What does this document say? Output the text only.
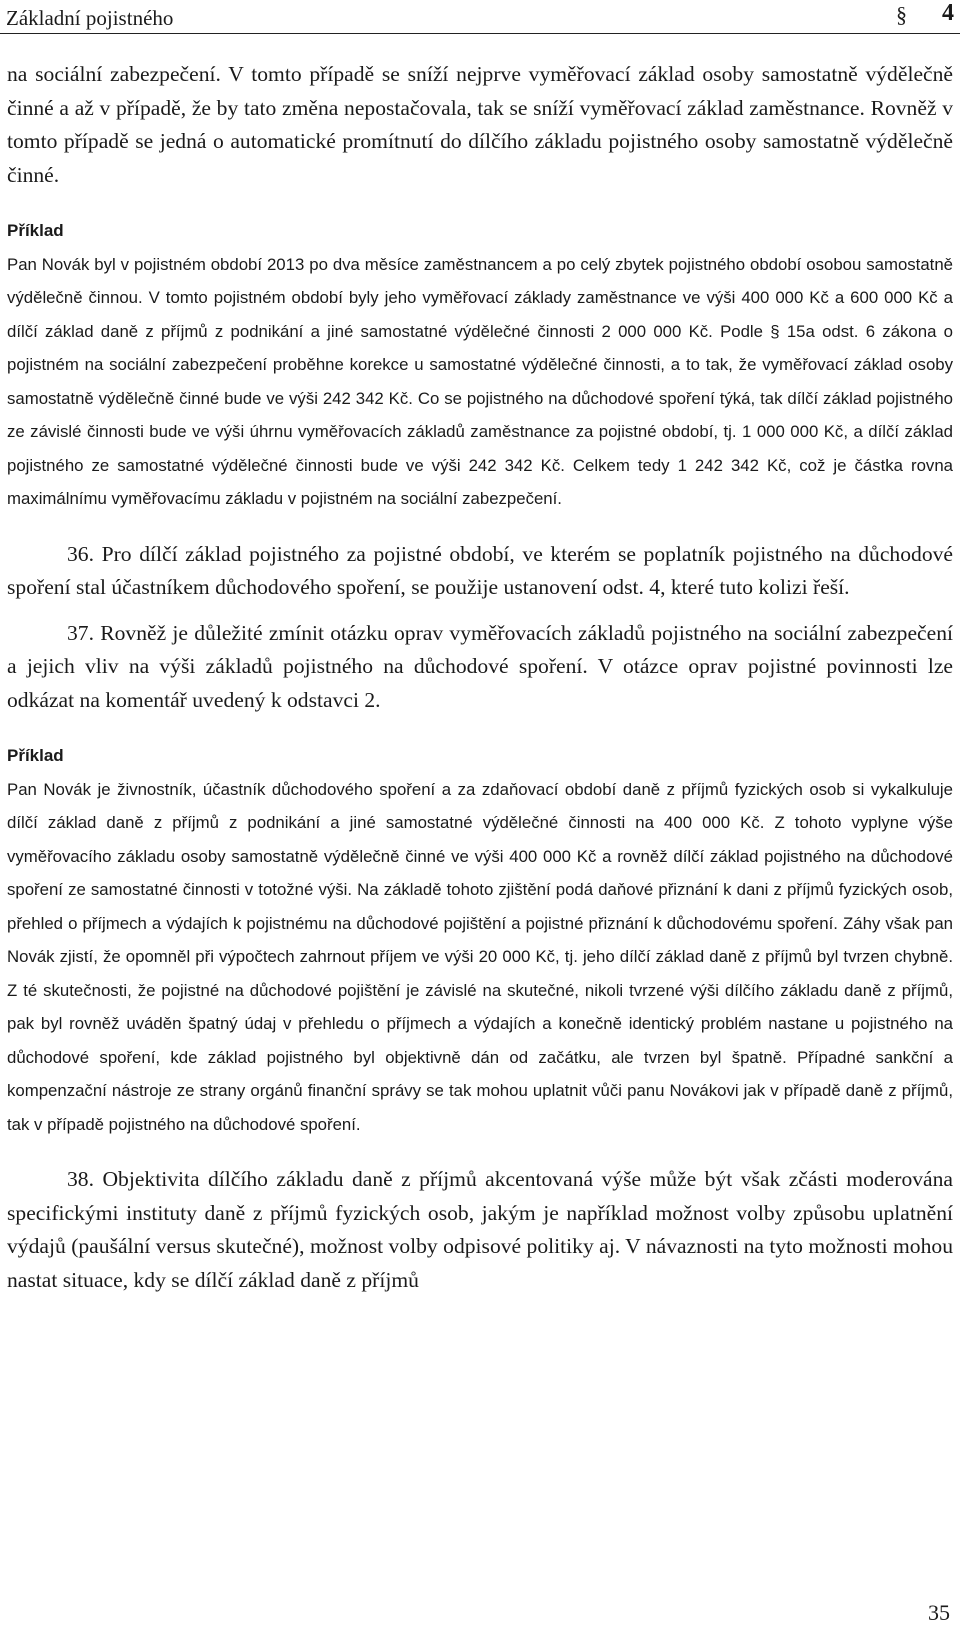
Základní pojistného	§ 4

na sociální zabezpečení. V tomto případě se sníží nejprve vyměřovací základ osoby samostatně výdělečně činné a až v případě, že by tato změna nepostačovala, tak se sníží vyměřovací základ zaměstnance. Rovněž v tomto případě se jedná o automatické promítnutí do dílčího základu pojistného osoby samostatně výdělečně činné.

Příklad

Pan Novák byl v pojistném období 2013 po dva měsíce zaměstnancem a po celý zbytek pojistného období osobou samostatně výdělečně činnou. V tomto pojistném období byly jeho vyměřovací základy zaměstnance ve výši 400 000 Kč a 600 000 Kč a dílčí základ daně z příjmů z podnikání a jiné samostatné výdělečné činnosti 2 000 000 Kč. Podle § 15a odst. 6 zákona o pojistném na sociální zabezpečení proběhne korekce u samostatné výdělečné činnosti, a to tak, že vyměřovací základ osoby samostatně výdělečně činné bude ve výši 242 342 Kč. Co se pojistného na důchodové spoření týká, tak dílčí základ pojistného ze závislé činnosti bude ve výši úhrnu vyměřovacích základů zaměstnance za pojistné období, tj. 1 000 000 Kč, a dílčí základ pojistného ze samostatné výdělečné činnosti bude ve výši 242 342 Kč. Celkem tedy 1 242 342 Kč, což je částka rovna maximálnímu vyměřovacímu základu v pojistném na sociální zabezpečení.

36. Pro dílčí základ pojistného za pojistné období, ve kterém se poplatník pojistného na důchodové spoření stal účastníkem důchodového spoření, se použije ustanovení odst. 4, které tuto kolizi řeší.

37. Rovněž je důležité zmínit otázku oprav vyměřovacích základů pojistného na sociální zabezpečení a jejich vliv na výši základů pojistného na důchodové spoření. V otázce oprav pojistné povinnosti lze odkázat na komentář uvedený k odstavci 2.

Příklad

Pan Novák je živnostník, účastník důchodového spoření a za zdaňovací období daně z příjmů fyzických osob si vykalkuluje dílčí základ daně z příjmů z podnikání a jiné samostatné výdělečné činnosti na 400 000 Kč. Z tohoto vyplyne výše vyměřovacího základu osoby samostatně výdělečně činné ve výši 400 000 Kč a rovněž dílčí základ pojistného na důchodové spoření ze samostatné činnosti v totožné výši. Na základě tohoto zjištění podá daňové přiznání k dani z příjmů fyzických osob, přehled o příjmech a výdajích k pojistnému na důchodové pojištění a pojistné přiznání k důchodovému spoření. Záhy však pan Novák zjistí, že opomněl při výpočtech zahrnout příjem ve výši 20 000 Kč, tj. jeho dílčí základ daně z příjmů byl tvrzen chybně. Z té skutečnosti, že pojistné na důchodové pojištění je závislé na skutečné, nikoli tvrzené výši dílčího základu daně z příjmů, pak byl rovněž uváděn špatný údaj v přehledu o příjmech a výdajích a konečně identický problém nastane u pojistného na důchodové spoření, kde základ pojistného byl objektivně dán od začátku, ale tvrzen byl špatně. Případné sankční a kompenzační nástroje ze strany orgánů finanční správy se tak mohou uplatnit vůči panu Novákovi jak v případě daně z příjmů, tak v případě pojistného na důchodové spoření.

38. Objektivita dílčího základu daně z příjmů akcentovaná výše může být však zčásti moderována specifickými instituty daně z příjmů fyzických osob, jakým je například možnost volby způsobu uplatnění výdajů (paušální versus skutečné), možnost volby odpisové politiky aj. V návaznosti na tyto možnosti mohou nastat situace, kdy se dílčí základ daně z příjmů

35
